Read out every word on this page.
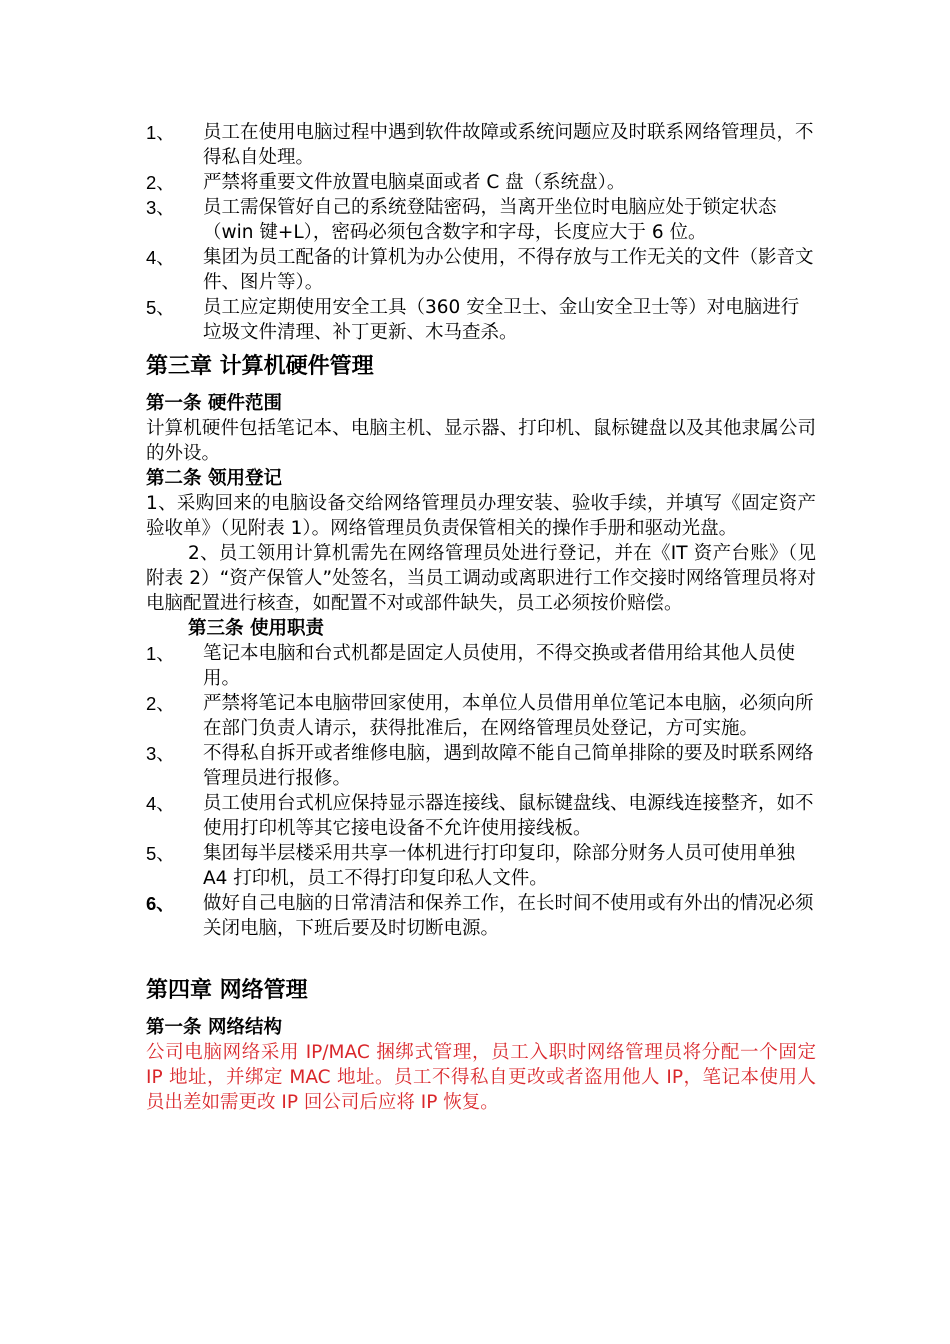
1、	员工在使用电脑过程中遇到软件故障或系统问题应及时联系网络管理员，不得私自处理。
2、	严禁将重要文件放置电脑桌面或者 C 盘（系统盘）。
3、	员工需保管好自己的系统登陆密码，当离开坐位时电脑应处于锁定状态（win 键+L），密码必须包含数字和字母，长度应大于 6 位。
4、	集团为员工配备的计算机为办公使用，不得存放与工作无关的文件（影音文件、图片等）。
5、	员工应定期使用安全工具（360 安全卫士、金山安全卫士等）对电脑进行垃圾文件清理、补丁更新、木马查杀。
第三章 计算机硬件管理
第一条 硬件范围
计算机硬件包括笔记本、电脑主机、显示器、打印机、鼠标键盘以及其他隶属公司的外设。
第二条 领用登记
1、采购回来的电脑设备交给网络管理员办理安装、验收手续，并填写《固定资产验收单》（见附表 1）。网络管理员负责保管相关的操作手册和驱动光盘。
2、员工领用计算机需先在网络管理员处进行登记，并在《IT 资产台账》（见附表 2）“资产保管人”处签名，当员工调动或离职进行工作交接时网络管理员将对电脑配置进行核查，如配置不对或部件缺失，员工必须按价赔偿。
第三条 使用职责
1、	笔记本电脑和台式机都是固定人员使用，不得交换或者借用给其他人员使用。
2、	严禁将笔记本电脑带回家使用，本单位人员借用单位笔记本电脑，必须向所在部门负责人请示，获得批准后，在网络管理员处登记，方可实施。
3、	不得私自拆开或者维修电脑，遇到故障不能自己简单排除的要及时联系网络管理员进行报修。
4、	员工使用台式机应保持显示器连接线、鼠标键盘线、电源线连接整齐，如不使用打印机等其它接电设备不允许使用接线板。
5、	集团每半层楼采用共享一体机进行打印复印，除部分财务人员可使用单独 A4 打印机，员工不得打印复印私人文件。
6、	做好自己电脑的日常清洁和保养工作，在长时间不使用或有外出的情况必须关闭电脑，下班后要及时切断电源。
第四章 网络管理
第一条 网络结构
公司电脑网络采用 IP/MAC 捆绑式管理，员工入职时网络管理员将分配一个固定 IP 地址，并绑定 MAC 地址。员工不得私自更改或者盗用他人 IP，笔记本使用人员出差如需更改 IP 回公司后应将 IP 恢复。
